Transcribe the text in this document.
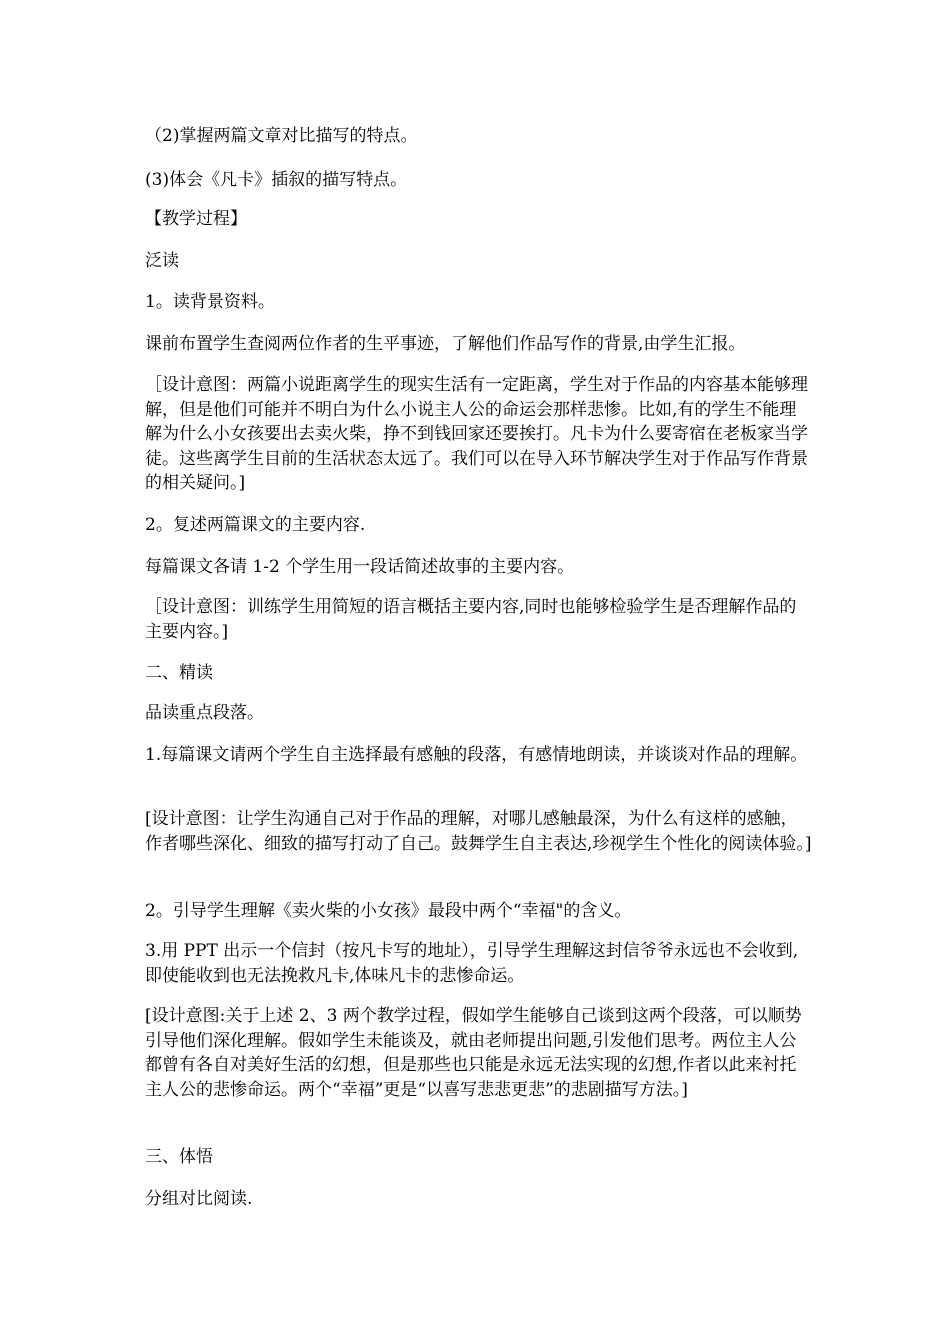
（2)掌握两篇文章对比描写的特点。

(3)体会《凡卡》插叙的描写特点。

【教学过程】

泛读

1。读背景资料。

课前布置学生查阅两位作者的生平事迹，了解他们作品写作的背景,由学生汇报。

［设计意图：两篇小说距离学生的现实生活有一定距离，学生对于作品的内容基本能够理解，但是他们可能并不明白为什么小说主人公的命运会那样悲惨。比如,有的学生不能理解为什么小女孩要出去卖火柴，挣不到钱回家还要挨打。凡卡为什么要寄宿在老板家当学徒。这些离学生目前的生活状态太远了。我们可以在导入环节解决学生对于作品写作背景的相关疑问。]

2。复述两篇课文的主要内容.

每篇课文各请 1-2 个学生用一段话简述故事的主要内容。

［设计意图：训练学生用简短的语言概括主要内容,同时也能够检验学生是否理解作品的主要内容。]

二、精读

品读重点段落。

1.每篇课文请两个学生自主选择最有感触的段落，有感情地朗读，并谈谈对作品的理解。

[设计意图：让学生沟通自己对于作品的理解，对哪儿感触最深，为什么有这样的感触，作者哪些深化、细致的描写打动了自己。鼓舞学生自主表达,珍视学生个性化的阅读体验。]

2。引导学生理解《卖火柴的小女孩》最段中两个“幸福"的含义。

3.用 PPT 出示一个信封（按凡卡写的地址），引导学生理解这封信爷爷永远也不会收到,即使能收到也无法挽救凡卡,体味凡卡的悲惨命运。

[设计意图:关于上述 2、3 两个教学过程，假如学生能够自己谈到这两个段落，可以顺势引导他们深化理解。假如学生未能谈及，就由老师提出问题,引发他们思考。两位主人公都曾有各自对美好生活的幻想，但是那些也只能是永远无法实现的幻想,作者以此来衬托主人公的悲惨命运。两个“幸福”更是“以喜写悲悲更悲”的悲剧描写方法。]

三、体悟

分组对比阅读.
